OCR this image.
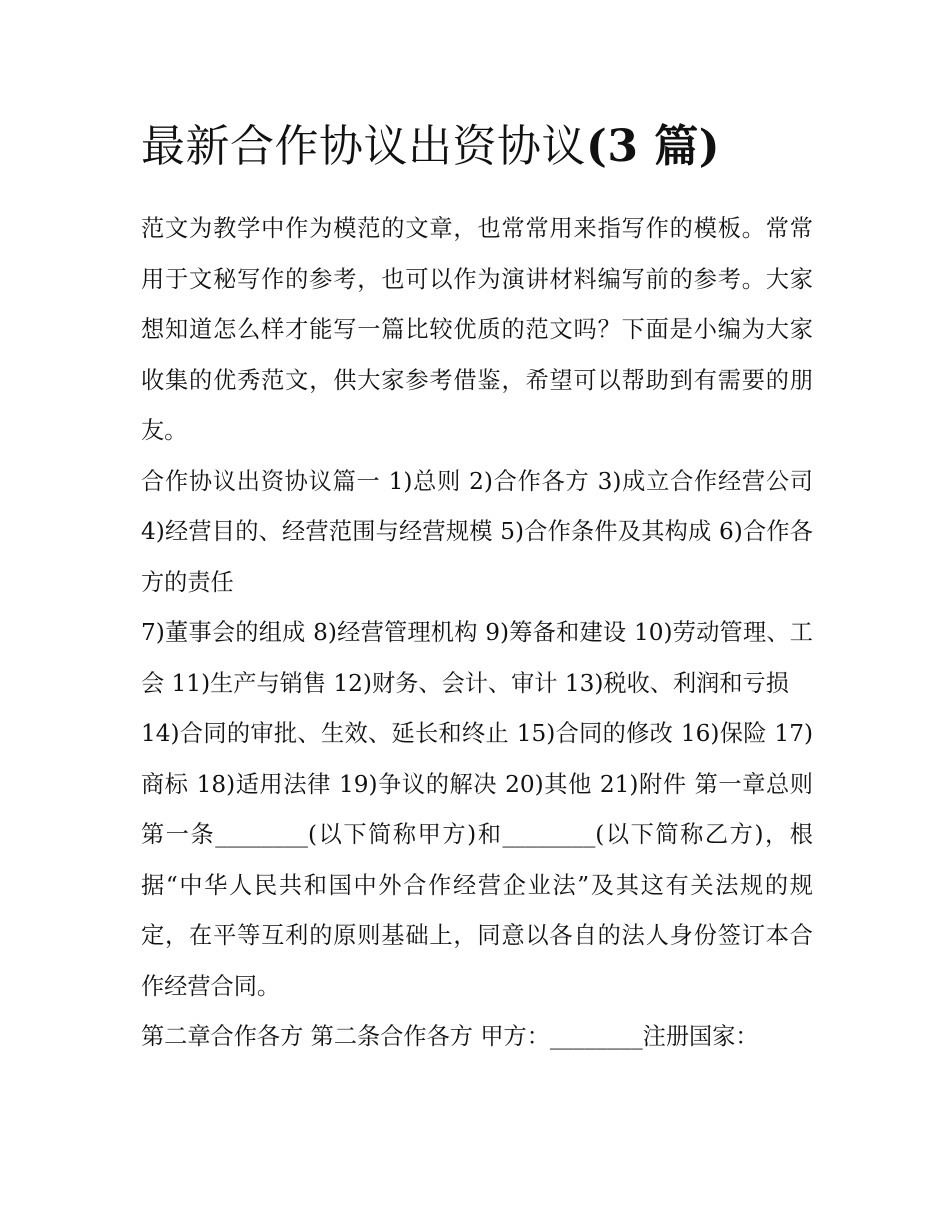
最新合作协议出资协议(3 篇)

范文为教学中作为模范的文章，也常常用来指写作的模板。常常用于文秘写作的参考，也可以作为演讲材料编写前的参考。大家想知道怎么样才能写一篇比较优质的范文吗？下面是小编为大家收集的优秀范文，供大家参考借鉴，希望可以帮助到有需要的朋友。

合作协议出资协议篇一 1)总则 2)合作各方 3)成立合作经营公司 4)经营目的、经营范围与经营规模 5)合作条件及其构成 6)合作各方的责任

7)董事会的组成 8)经营管理机构 9)筹备和建设 10)劳动管理、工会 11)生产与销售 12)财务、会计、审计 13)税收、利润和亏损

14)合同的审批、生效、延长和终止 15)合同的修改 16)保险 17)商标 18)适用法律 19)争议的解决 20)其他 21)附件 第一章总则 第一条________(以下简称甲方)和________(以下简称乙方)，根据“中华人民共和国中外合作经营企业法”及其这有关法规的规定，在平等互利的原则基础上，同意以各自的法人身份签订本合作经营合同。

第二章合作各方 第二条合作各方 甲方：________注册国家：
